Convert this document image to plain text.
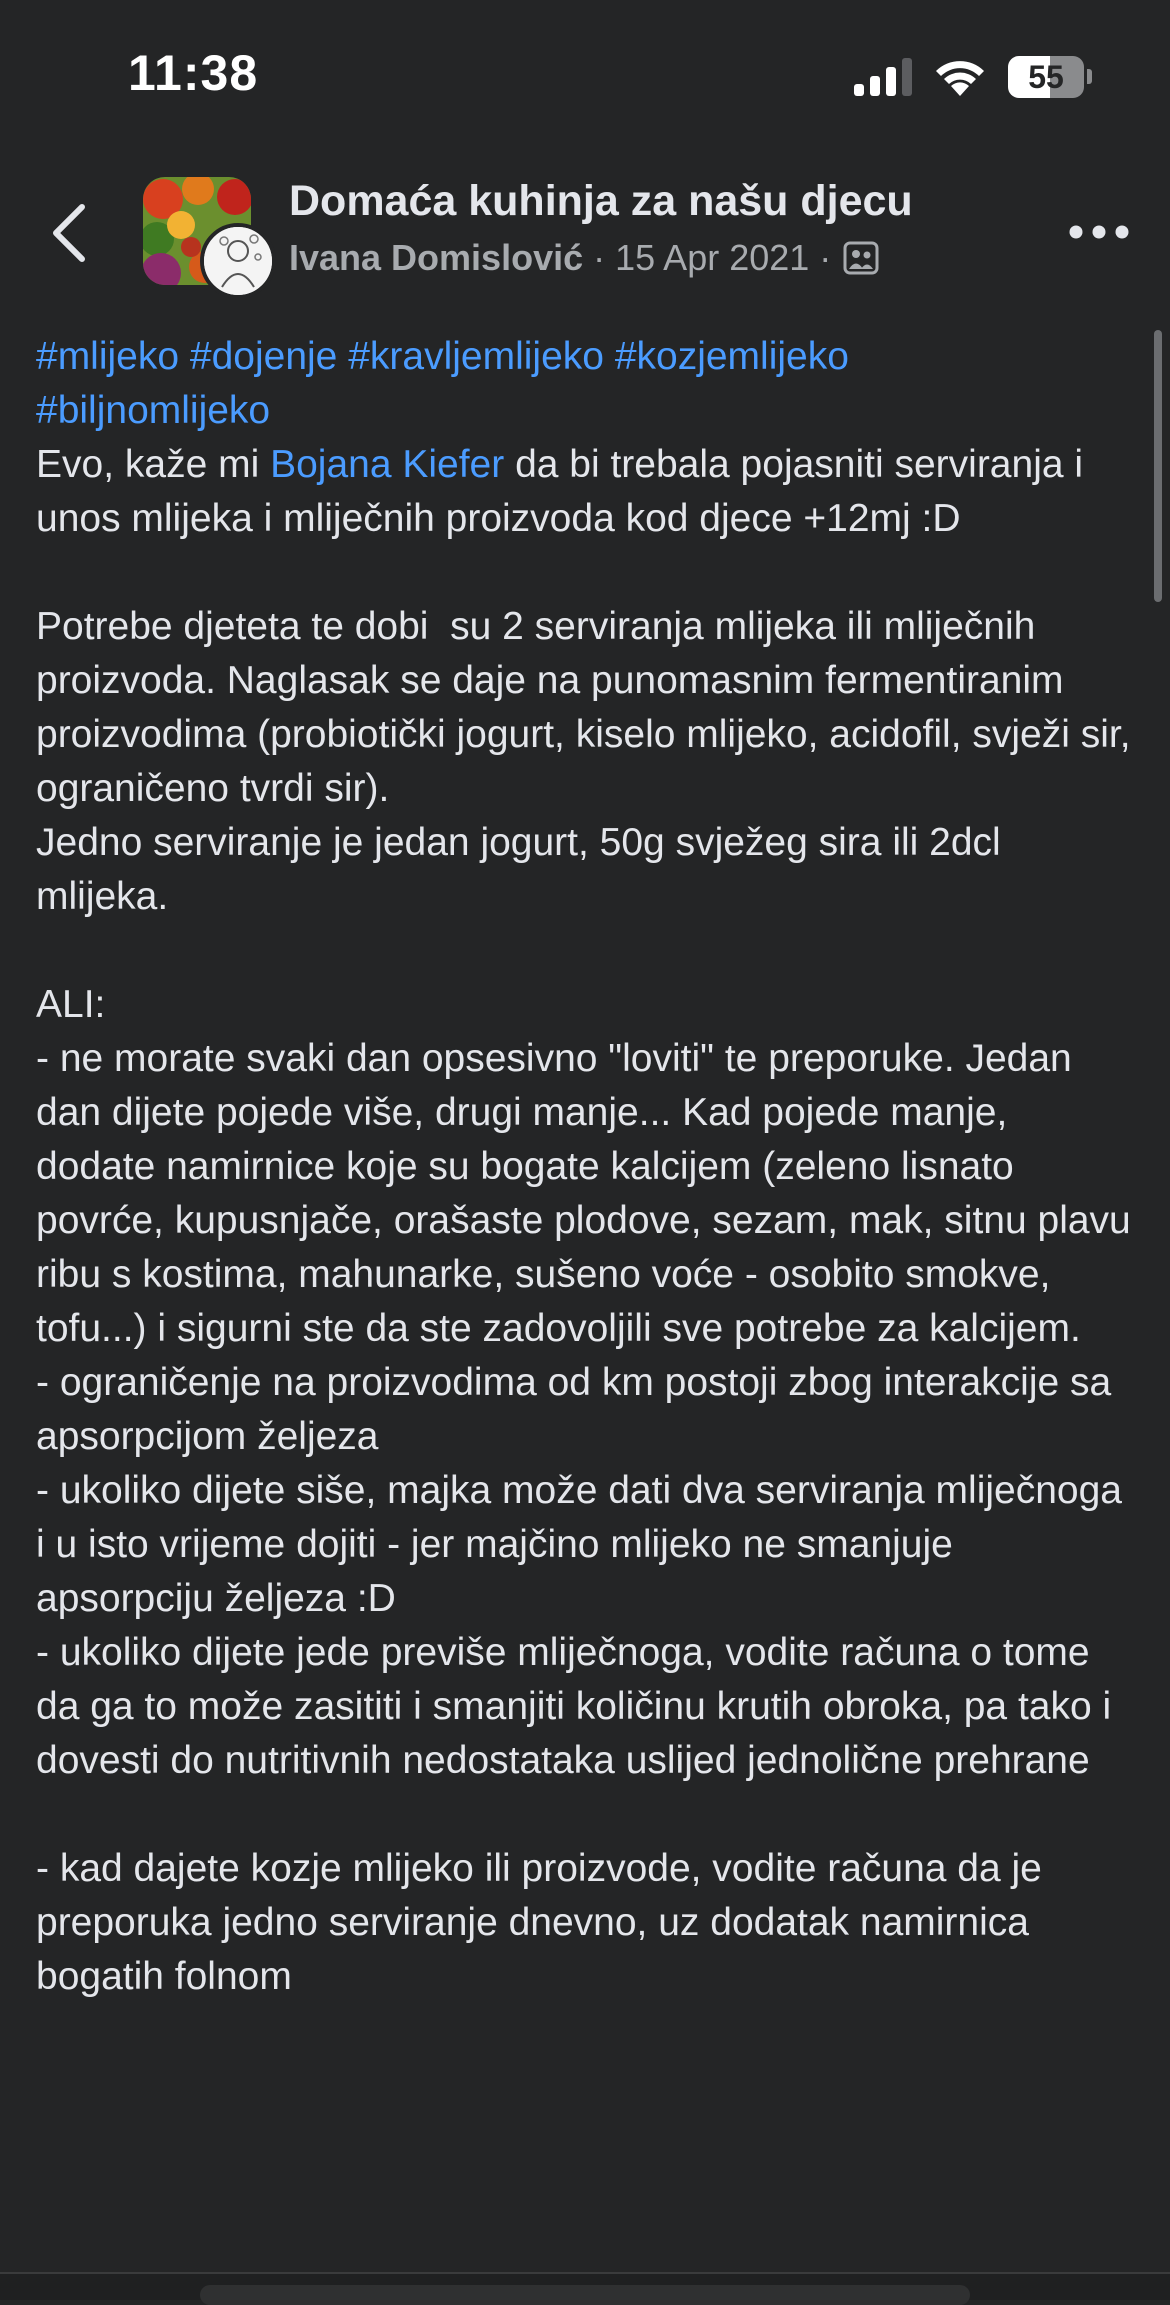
11:38	55
Domaća kuhinja za našu djecu
Ivana Domislović · 15 Apr 2021 ·

#mlijeko #dojenje #kravljemlijeko #kozjemlijeko

#biljnomlijeko

Evo, kaže mi Bojana Kiefer da bi trebala pojasniti serviranja i unos mlijeka i mliječnih proizvoda kod djece +12mj :D

Potrebe djeteta te dobi  su 2 serviranja mlijeka ili mliječnih proizvoda. Naglasak se daje na punomasnim fermentiranim proizvodima (probiotički jogurt, kiselo mlijeko, acidofil, svježi sir, ograničeno tvrdi sir).

Jedno serviranje je jedan jogurt, 50g svježeg sira ili 2dcl mlijeka.

ALI:

- ne morate svaki dan opsesivno "loviti" te preporuke. Jedan dan dijete pojede više, drugi manje... Kad pojede manje, dodate namirnice koje su bogate kalcijem (zeleno lisnato povrće, kupusnjače, orašaste plodove, sezam, mak, sitnu plavu ribu s kostima, mahunarke, sušeno voće - osobito smokve, tofu...) i sigurni ste da ste zadovoljili sve potrebe za kalcijem.

- ograničenje na proizvodima od km postoji zbog interakcije sa apsorpcijom željeza

- ukoliko dijete siše, majka može dati dva serviranja mliječnoga i u isto vrijeme dojiti - jer majčino mlijeko ne smanjuje apsorpciju željeza :D

- ukoliko dijete jede previše mliječnoga, vodite računa o tome da ga to može zasititi i smanjiti količinu krutih obroka, pa tako i dovesti do nutritivnih nedostataka uslijed jednolične prehrane

- kad dajete kozje mlijeko ili proizvode, vodite računa da je preporuka jedno serviranje dnevno, uz dodatak namirnica bogatih folnom
